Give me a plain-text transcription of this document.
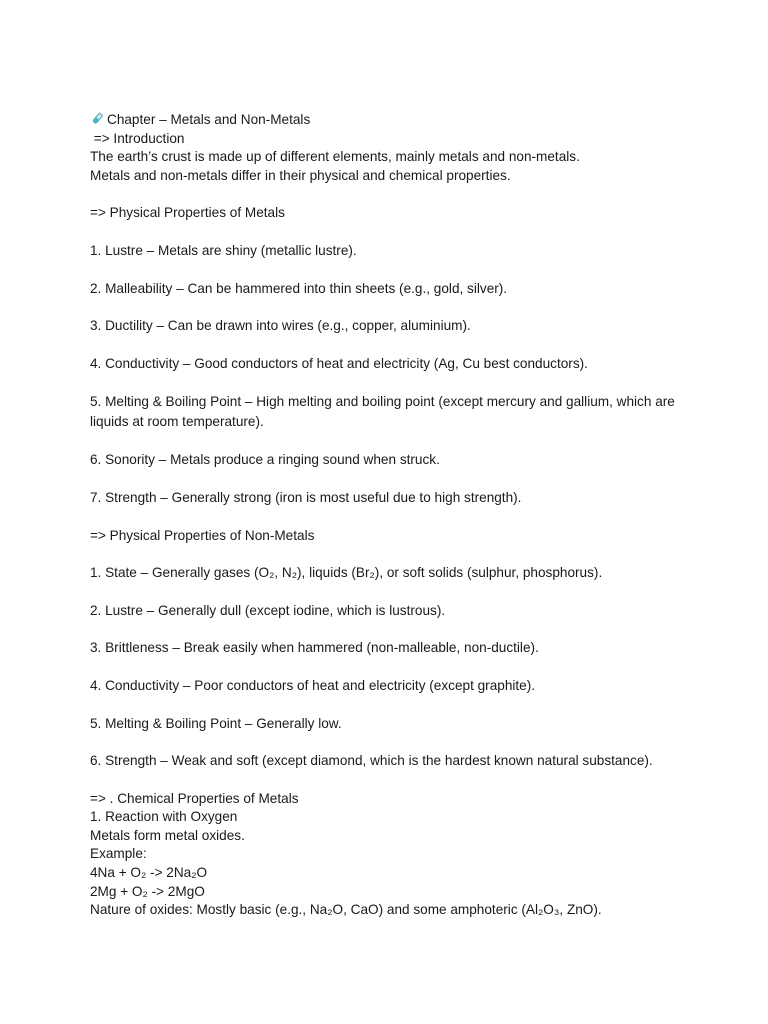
Chapter – Metals and Non-Metals
=> Introduction
The earth’s crust is made up of different elements, mainly metals and non-metals.
Metals and non-metals differ in their physical and chemical properties.
=> Physical Properties of Metals
1. Lustre – Metals are shiny (metallic lustre).
2. Malleability – Can be hammered into thin sheets (e.g., gold, silver).
3. Ductility – Can be drawn into wires (e.g., copper, aluminium).
4. Conductivity – Good conductors of heat and electricity (Ag, Cu best conductors).
5. Melting & Boiling Point – High melting and boiling point (except mercury and gallium, which are liquids at room temperature).
6. Sonority – Metals produce a ringing sound when struck.
7. Strength – Generally strong (iron is most useful due to high strength).
=> Physical Properties of Non-Metals
1. State – Generally gases (O₂, N₂), liquids (Br₂), or soft solids (sulphur, phosphorus).
2. Lustre – Generally dull (except iodine, which is lustrous).
3. Brittleness – Break easily when hammered (non-malleable, non-ductile).
4. Conductivity – Poor conductors of heat and electricity (except graphite).
5. Melting & Boiling Point – Generally low.
6. Strength – Weak and soft (except diamond, which is the hardest known natural substance).
=> . Chemical Properties of Metals
1. Reaction with Oxygen
Metals form metal oxides.
Example:
4Na + O₂ -> 2Na₂O
2Mg + O₂ -> 2MgO
Nature of oxides: Mostly basic (e.g., Na₂O, CaO) and some amphoteric (Al₂O₃, ZnO).
